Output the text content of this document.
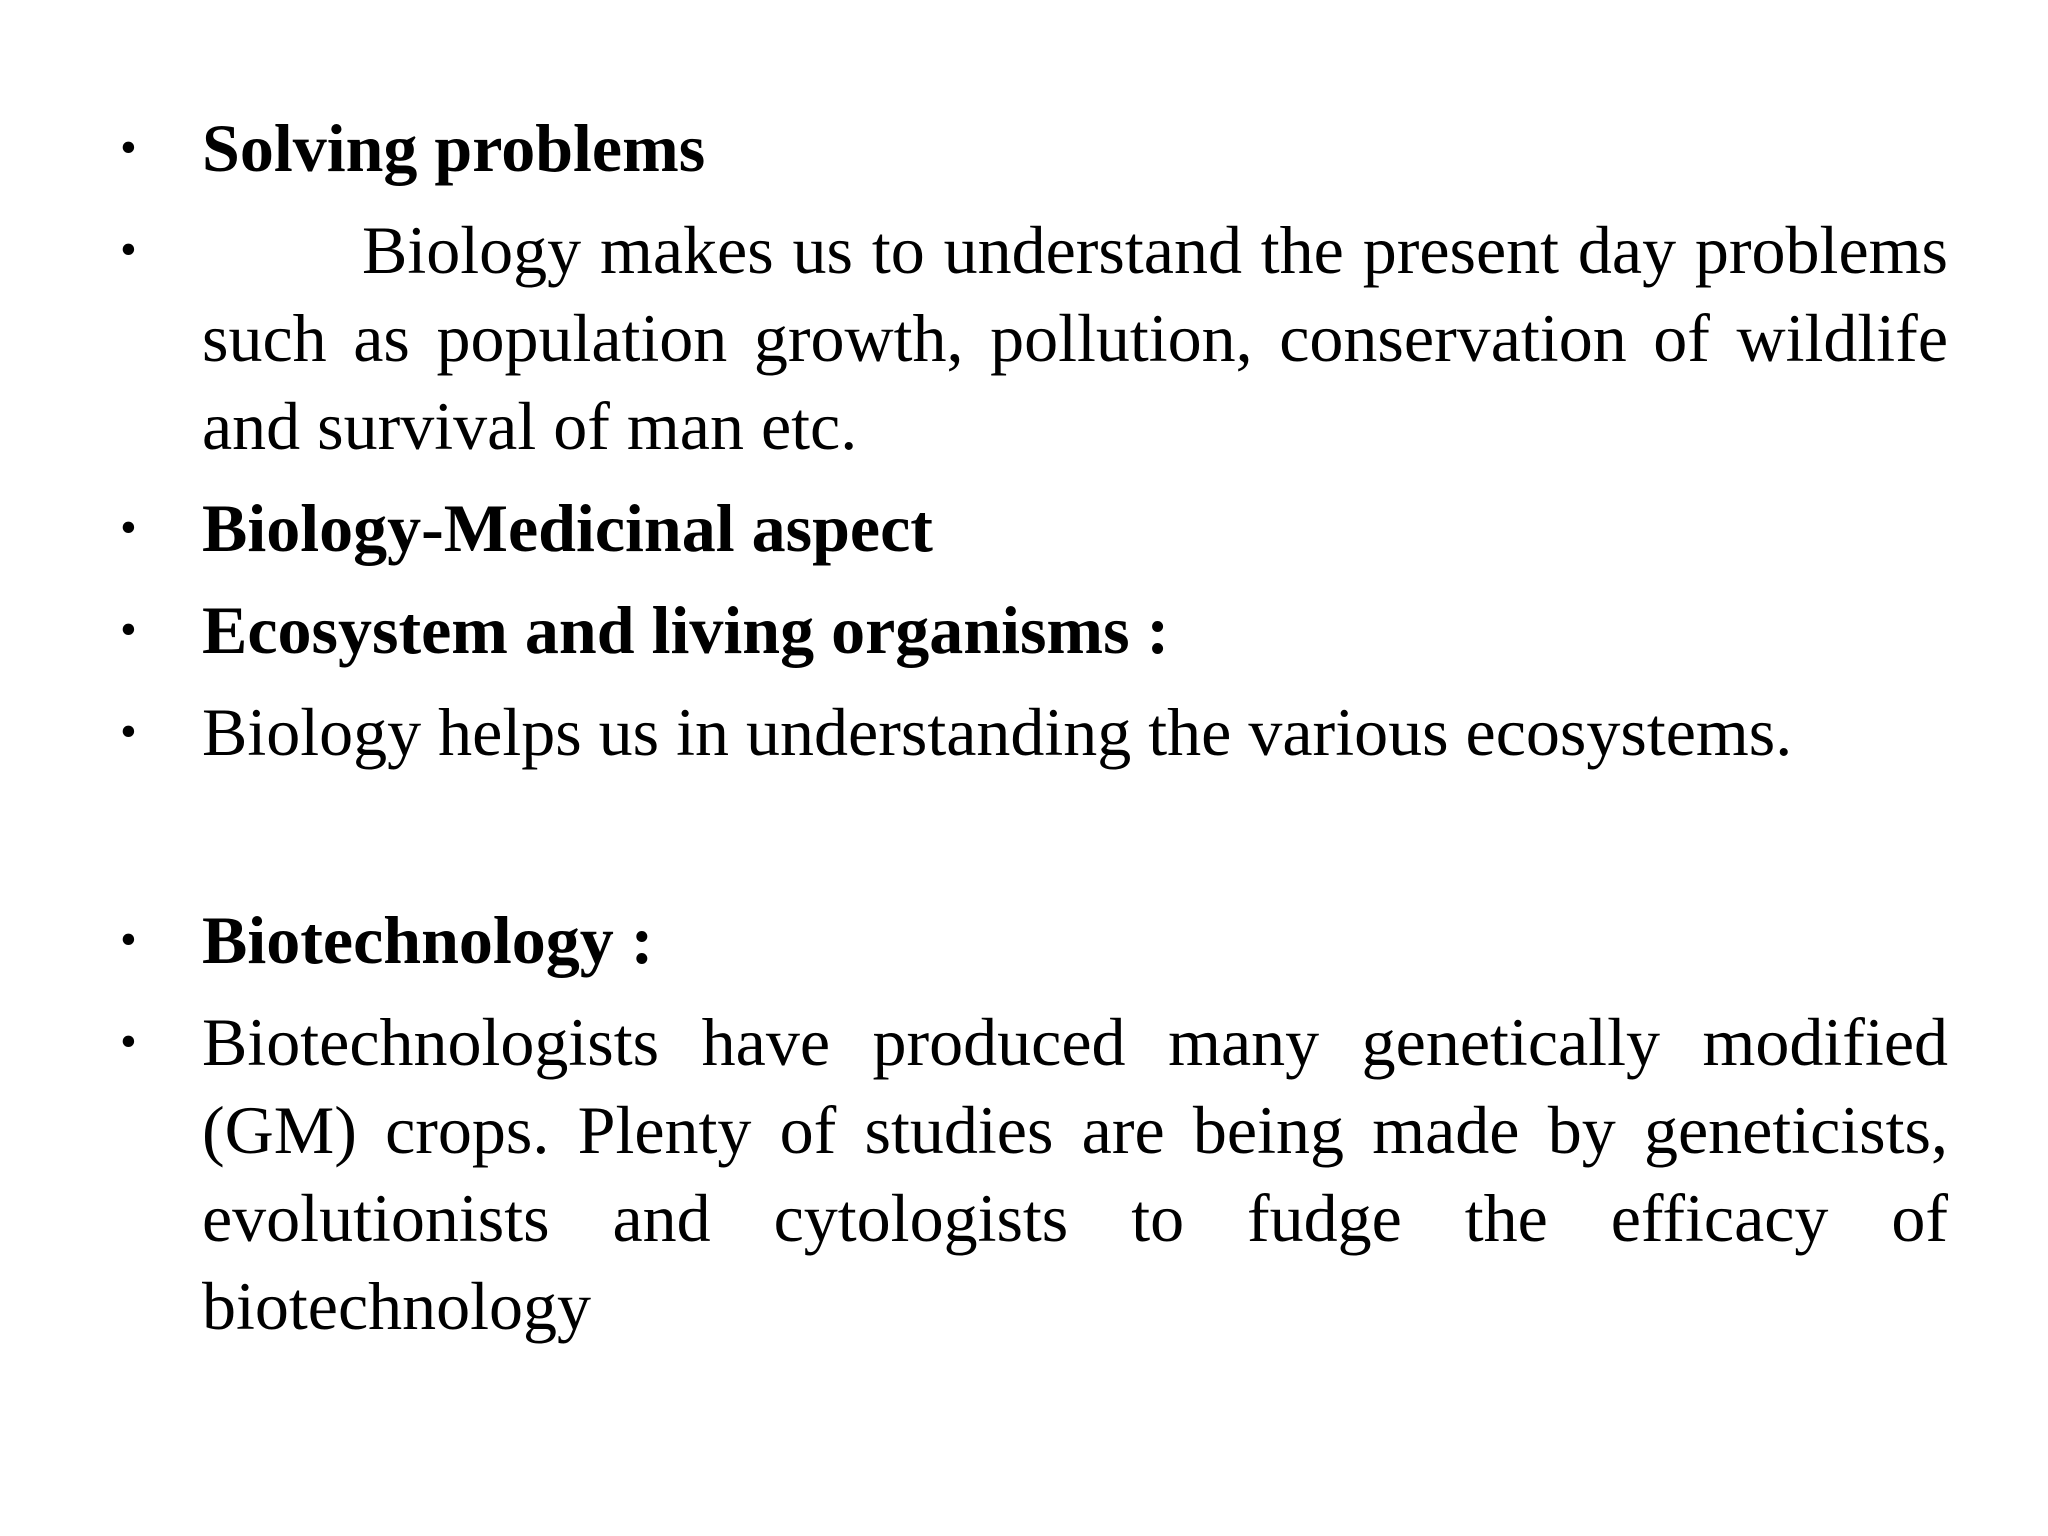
• Solving problems
•	Biology makes us to understand the present day problems such as population growth, pollution, conservation of wildlife and survival of man etc.
• Biology-Medicinal aspect
• Ecosystem and living organisms :
• Biology helps us in understanding the various ecosystems.
• Biotechnology :
• Biotechnologists have produced many genetically modified (GM) crops. Plenty of studies are being made by geneticists, evolutionists and cytologists to fudge the efficacy of biotechnology
